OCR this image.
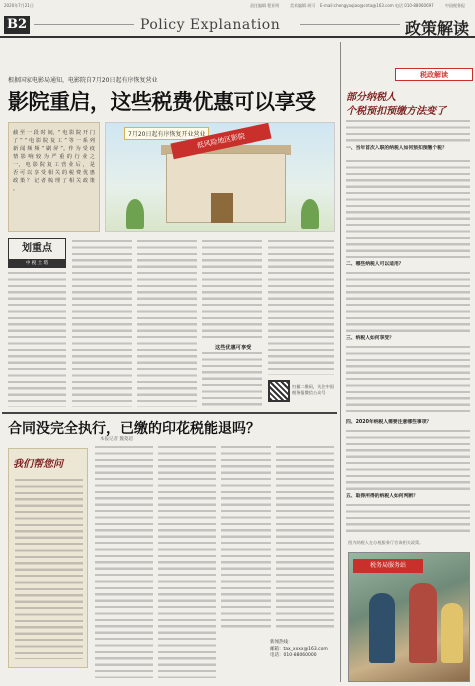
2020年7月21日	责任编辑 程亚明	美术编辑 胡可 E-mail:chengyaqiao@cnta@163.com 电话 010-88060697	中国税务报
B2	Policy Explanation	政策解读
根据国家电影局通知，电影院自7月20日起有序恢复营业
影院重启，这些税费优惠可以享受

截 至 一 段 时 间，“ 电 影 院 开 门 了 ” “ 电 影 院 复 工 ” 等 一 系 列 新 闻 频 频 “ 刷 屏 ”。作 为 受 疫 情 影 响 较 为 严 重 的 行 业 之 一， 电 影 院 复 工 营 业 后 ， 是 否 可 以 享 受 相 关 的 税 费 优 惠 政 策 ？ 记 者 梳 理 了 相 关 政 策 。

7月20日起有序恢复开业营业
低风险地区影院
划重点
中 税 土 塔
这些优惠可享受
扫描二维码，关注中国税务报微信公众号
合同没完全执行，已缴的印花税能退吗？
本报记者 魏菱超
我们帮您问
新闻热线：
邮箱：tax_xxxx@163.com
电话：010-88060000
税政解读
部分纳税人
个税预扣预缴方法变了
一、当年首次入职的纳税人如何预扣预缴个税？
二、哪些纳税人可以适用？
三、纳税人如何享受？
四、2020年纳税人需要注意哪些事项？
五、取得所得的纳税人如何判断？
图为纳税人在办税服务厅咨询相关政策。
税务局服务站
